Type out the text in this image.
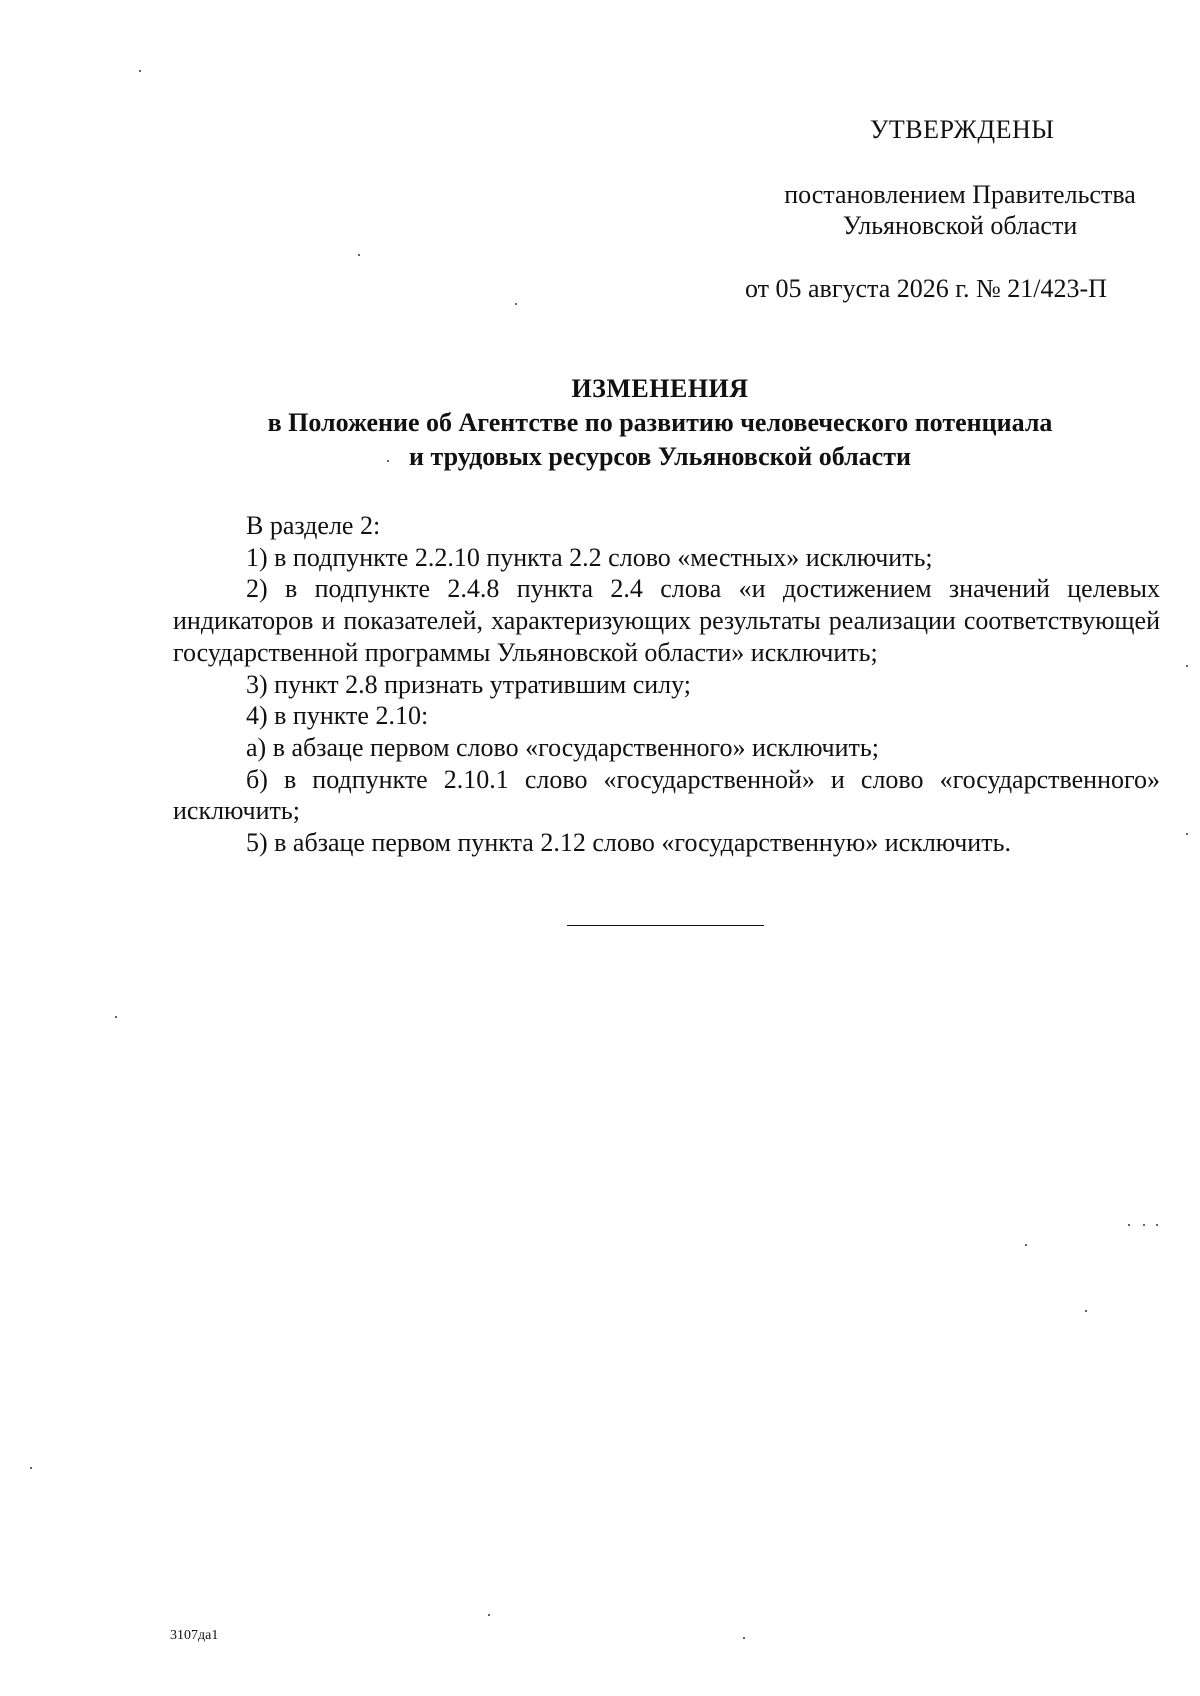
УТВЕРЖДЕНЫ
постановлением Правительства
Ульяновской области
от 05 августа 2026 г. № 21/423-П
ИЗМЕНЕНИЯ
в Положение об Агентстве по развитию человеческого потенциала
и трудовых ресурсов Ульяновской области

В разделе 2:

1) в подпункте 2.2.10 пункта 2.2 слово «местных» исключить;

2) в подпункте 2.4.8 пункта 2.4 слова «и достижением значений целевых индикаторов и показателей, характеризующих результаты реализации соответствующей государственной программы Ульяновской области» исключить;

3) пункт 2.8 признать утратившим силу;

4) в пункте 2.10:

а) в абзаце первом слово «государственного» исключить;

б) в подпункте 2.10.1 слово «государственной» и слово «государственного» исключить;

5) в абзаце первом пункта 2.12 слово «государственную» исключить.

3107да1
